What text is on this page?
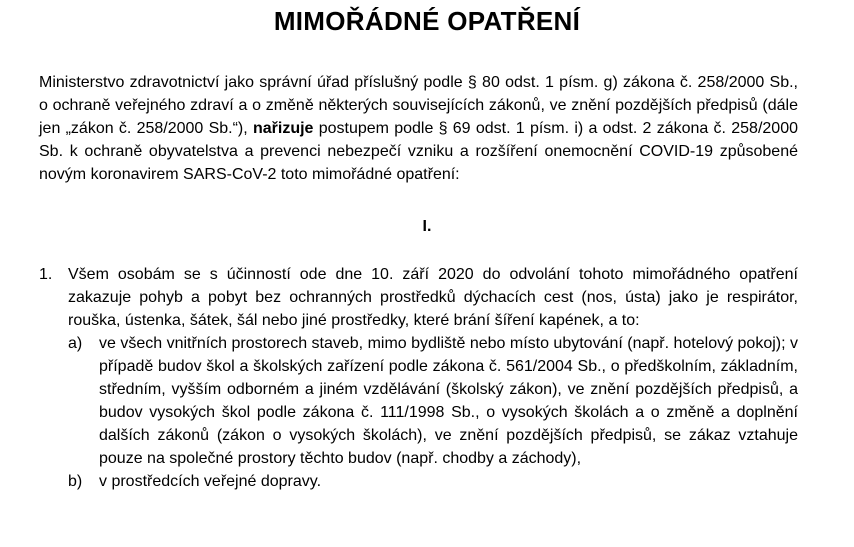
MIMOŘÁDNÉ OPATŘENÍ
Ministerstvo zdravotnictví jako správní úřad příslušný podle § 80 odst. 1 písm. g) zákona č. 258/2000 Sb., o ochraně veřejného zdraví a o změně některých souvisejících zákonů, ve znění pozdějších předpisů (dále jen „zákon č. 258/2000 Sb.“), nařizuje postupem podle § 69 odst. 1 písm. i) a odst. 2 zákona č. 258/2000 Sb. k ochraně obyvatelstva a prevenci nebezpečí vzniku a rozšíření onemocnění COVID-19 způsobené novým koronavirem SARS-CoV-2 toto mimořádné opatření:
I.
1. Všem osobám se s účinností ode dne 10. září 2020 do odvolání tohoto mimořádného opatření zakazuje pohyb a pobyt bez ochranných prostředků dýchacích cest (nos, ústa) jako je respirátor, rouška, ústenka, šátek, šál nebo jiné prostředky, které brání šíření kapének, a to:
a) ve všech vnitřních prostorech staveb, mimo bydliště nebo místo ubytování (např. hotelový pokoj); v případě budov škol a školských zařízení podle zákona č. 561/2004 Sb., o předškolním, základním, středním, vyšším odborném a jiném vzdělávání (školský zákon), ve znění pozdějších předpisů, a budov vysokých škol podle zákona č. 111/1998 Sb., o vysokých školách a o změně a doplnění dalších zákonů (zákon o vysokých školách), ve znění pozdějších předpisů, se zákaz vztahuje pouze na společné prostory těchto budov (např. chodby a záchody),
b) v prostředcích veřejné dopravy.
